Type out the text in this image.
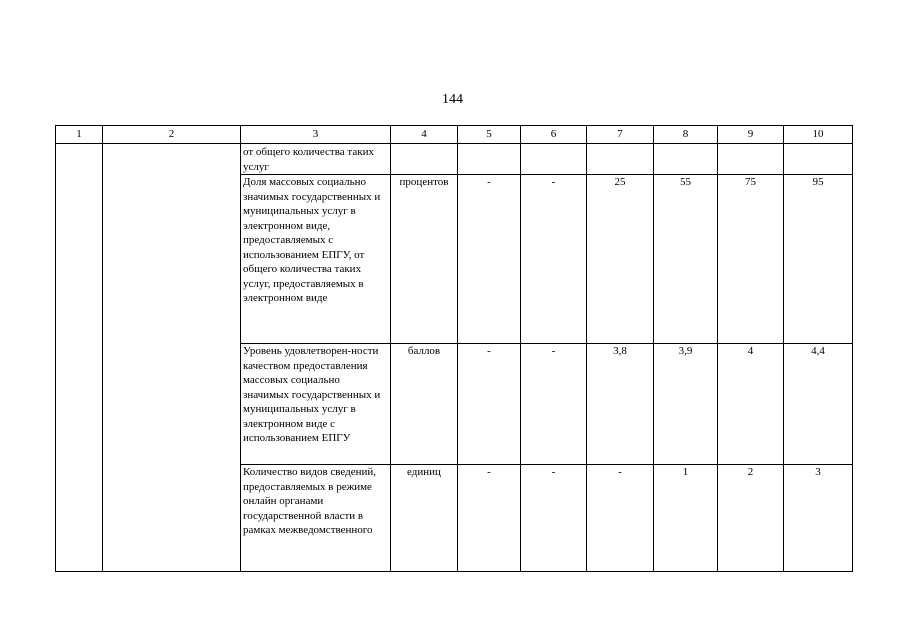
144
1	2	3	4	5	6	7	8	9	10
		от общего количества таких услуг							
		Доля массовых социально значимых государственных и муниципальных услуг в электронном виде, предоставляемых с использованием ЕПГУ, от общего количества таких услуг, предоставляемых в электронном виде	процентов	-	-	25	55	75	95
		Уровень удовлетворен-ности качеством предоставления массовых социально значимых государственных и муниципальных услуг в электронном виде с использованием ЕПГУ	баллов	-	-	3,8	3,9	4	4,4
		Количество видов сведений, предоставляемых в режиме онлайн органами государственной власти в рамках межведомственного	единиц	-	-	-	1	2	3
